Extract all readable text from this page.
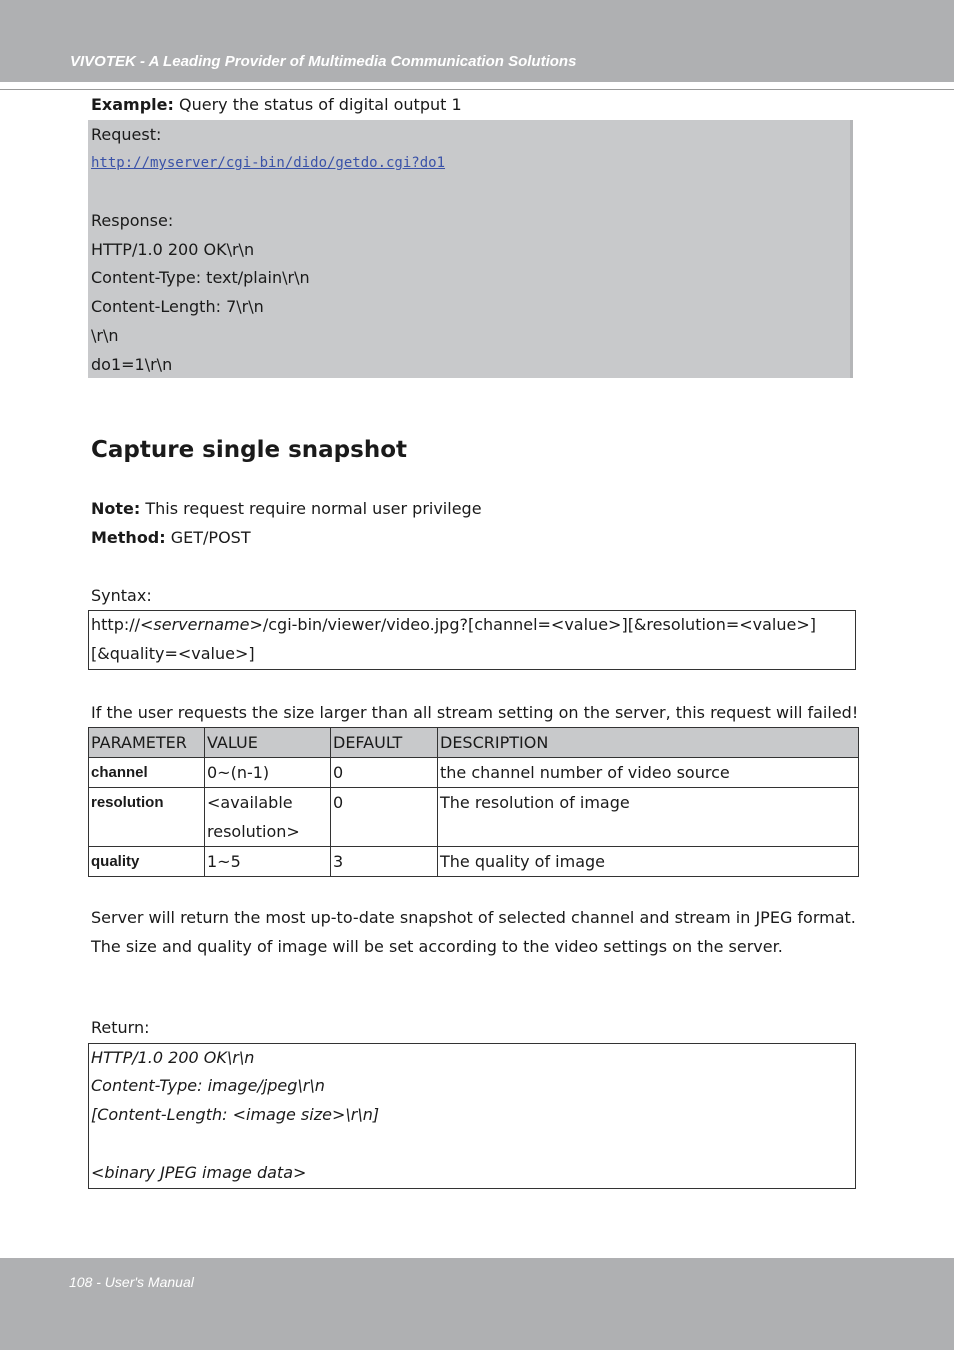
VIVOTEK - A Leading Provider of Multimedia Communication Solutions
Example: Query the status of digital output 1
Request:
http://myserver/cgi-bin/dido/getdo.cgi?do1
Response:
HTTP/1.0 200 OK\r\n
Content-Type: text/plain\r\n
Content-Length: 7\r\n
\r\n
do1=1\r\n
Capture single snapshot
Note: This request require normal user privilege
Method: GET/POST
Syntax:
http://<servername>/cgi-bin/viewer/video.jpg?[channel=<value>][&resolution=<value>]
[&quality=<value>]
If the user requests the size larger than all stream setting on the server, this request will failed!
PARAMETER	VALUE	DEFAULT	DESCRIPTION
channel	0~(n-1)	0	the channel number of video source
resolution	<available
resolution>	0	The resolution of image
quality	1~5	3	The quality of image
Server will return the most up-to-date snapshot of selected channel and stream in JPEG format.
The size and quality of image will be set according to the video settings on the server.
Return:
HTTP/1.0 200 OK\r\n
Content-Type: image/jpeg\r\n
[Content-Length: <image size>\r\n]
<binary JPEG image data>
108 - User's Manual
